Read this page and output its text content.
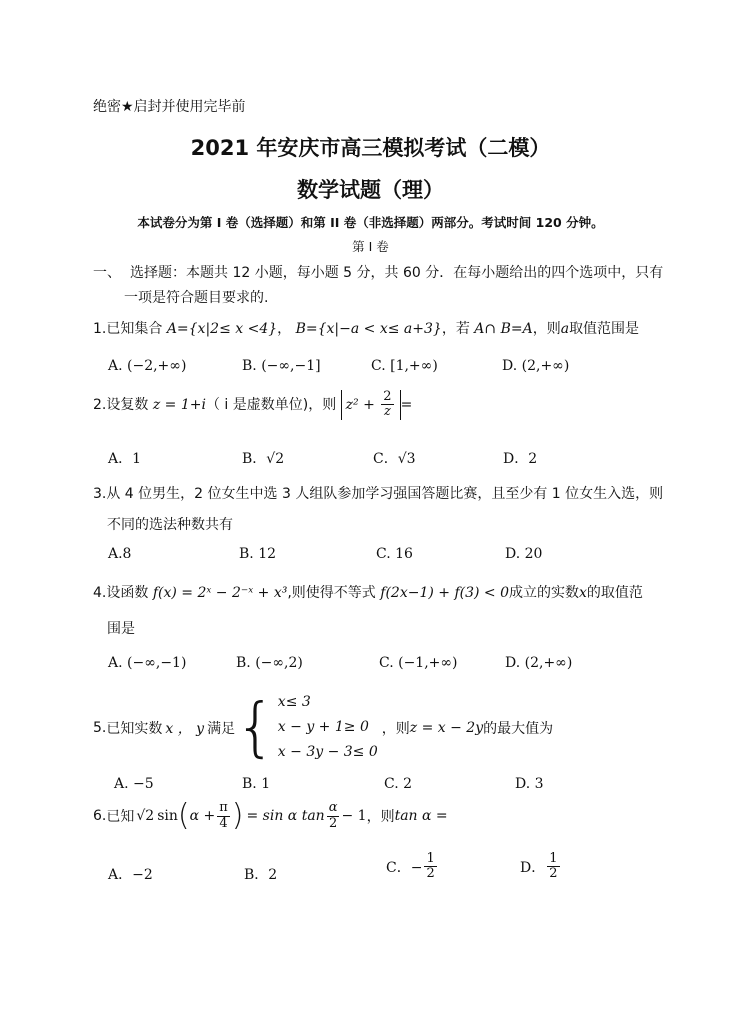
绝密★启封并使用完毕前
2021 年安庆市高三模拟考试（二模）
数学试题（理）
本试卷分为第 I 卷（选择题）和第 II 卷（非选择题）两部分。考试时间 120 分钟。
第 I 卷
一、 选择题：本题共 12 小题，每小题 5 分，共 60 分．在每小题给出的四个选项中，只有
一项是符合题目要求的.
1.已知集合 A={x|2≤ x <4}， B={x|−a < x≤ a+3}，若 A∩ B=A，则a取值范围是
A. (−2,+∞)	B. (−∞,−1]	C. [1,+∞)	D. (2,+∞)
2.设复数 z = 1+i（ i 是虚数单位)，则 $z^2 + \frac{2}{z}$ =
A．1	B．√2	C．√3	D．2
3.从 4 位男生，2 位女生中选 3 人组队参加学习强国答题比赛，且至少有 1 位女生入选，则
不同的选法种数共有
A.8	B. 12	C. 16	D. 20
4.设函数 f(x) = 2ˣ − 2⁻ˣ + x³,则使得不等式 f(2x−1) + f(3) < 0成立的实数x的取值范
围是
A. (−∞,−1)	B. (−∞,2)	C. (−1,+∞)	D. (2,+∞)
5. 已知实数 x ， y 满足 { x≤ 3
x − y + 1≥ 0
x − 3y − 3≤ 0
，则 z = x − 2y 的最大值为
A. −5	B. 1	C. 2	D. 3
6. 已知 √2 sin ( $\alpha + \frac{\pi}{4}$ ) = sin α $\tan \frac{\alpha}{2} - 1$ ，则 tan α =
A．−2	B．2	C．− $\frac{1}{2}$	D． $\frac{1}{2}$
